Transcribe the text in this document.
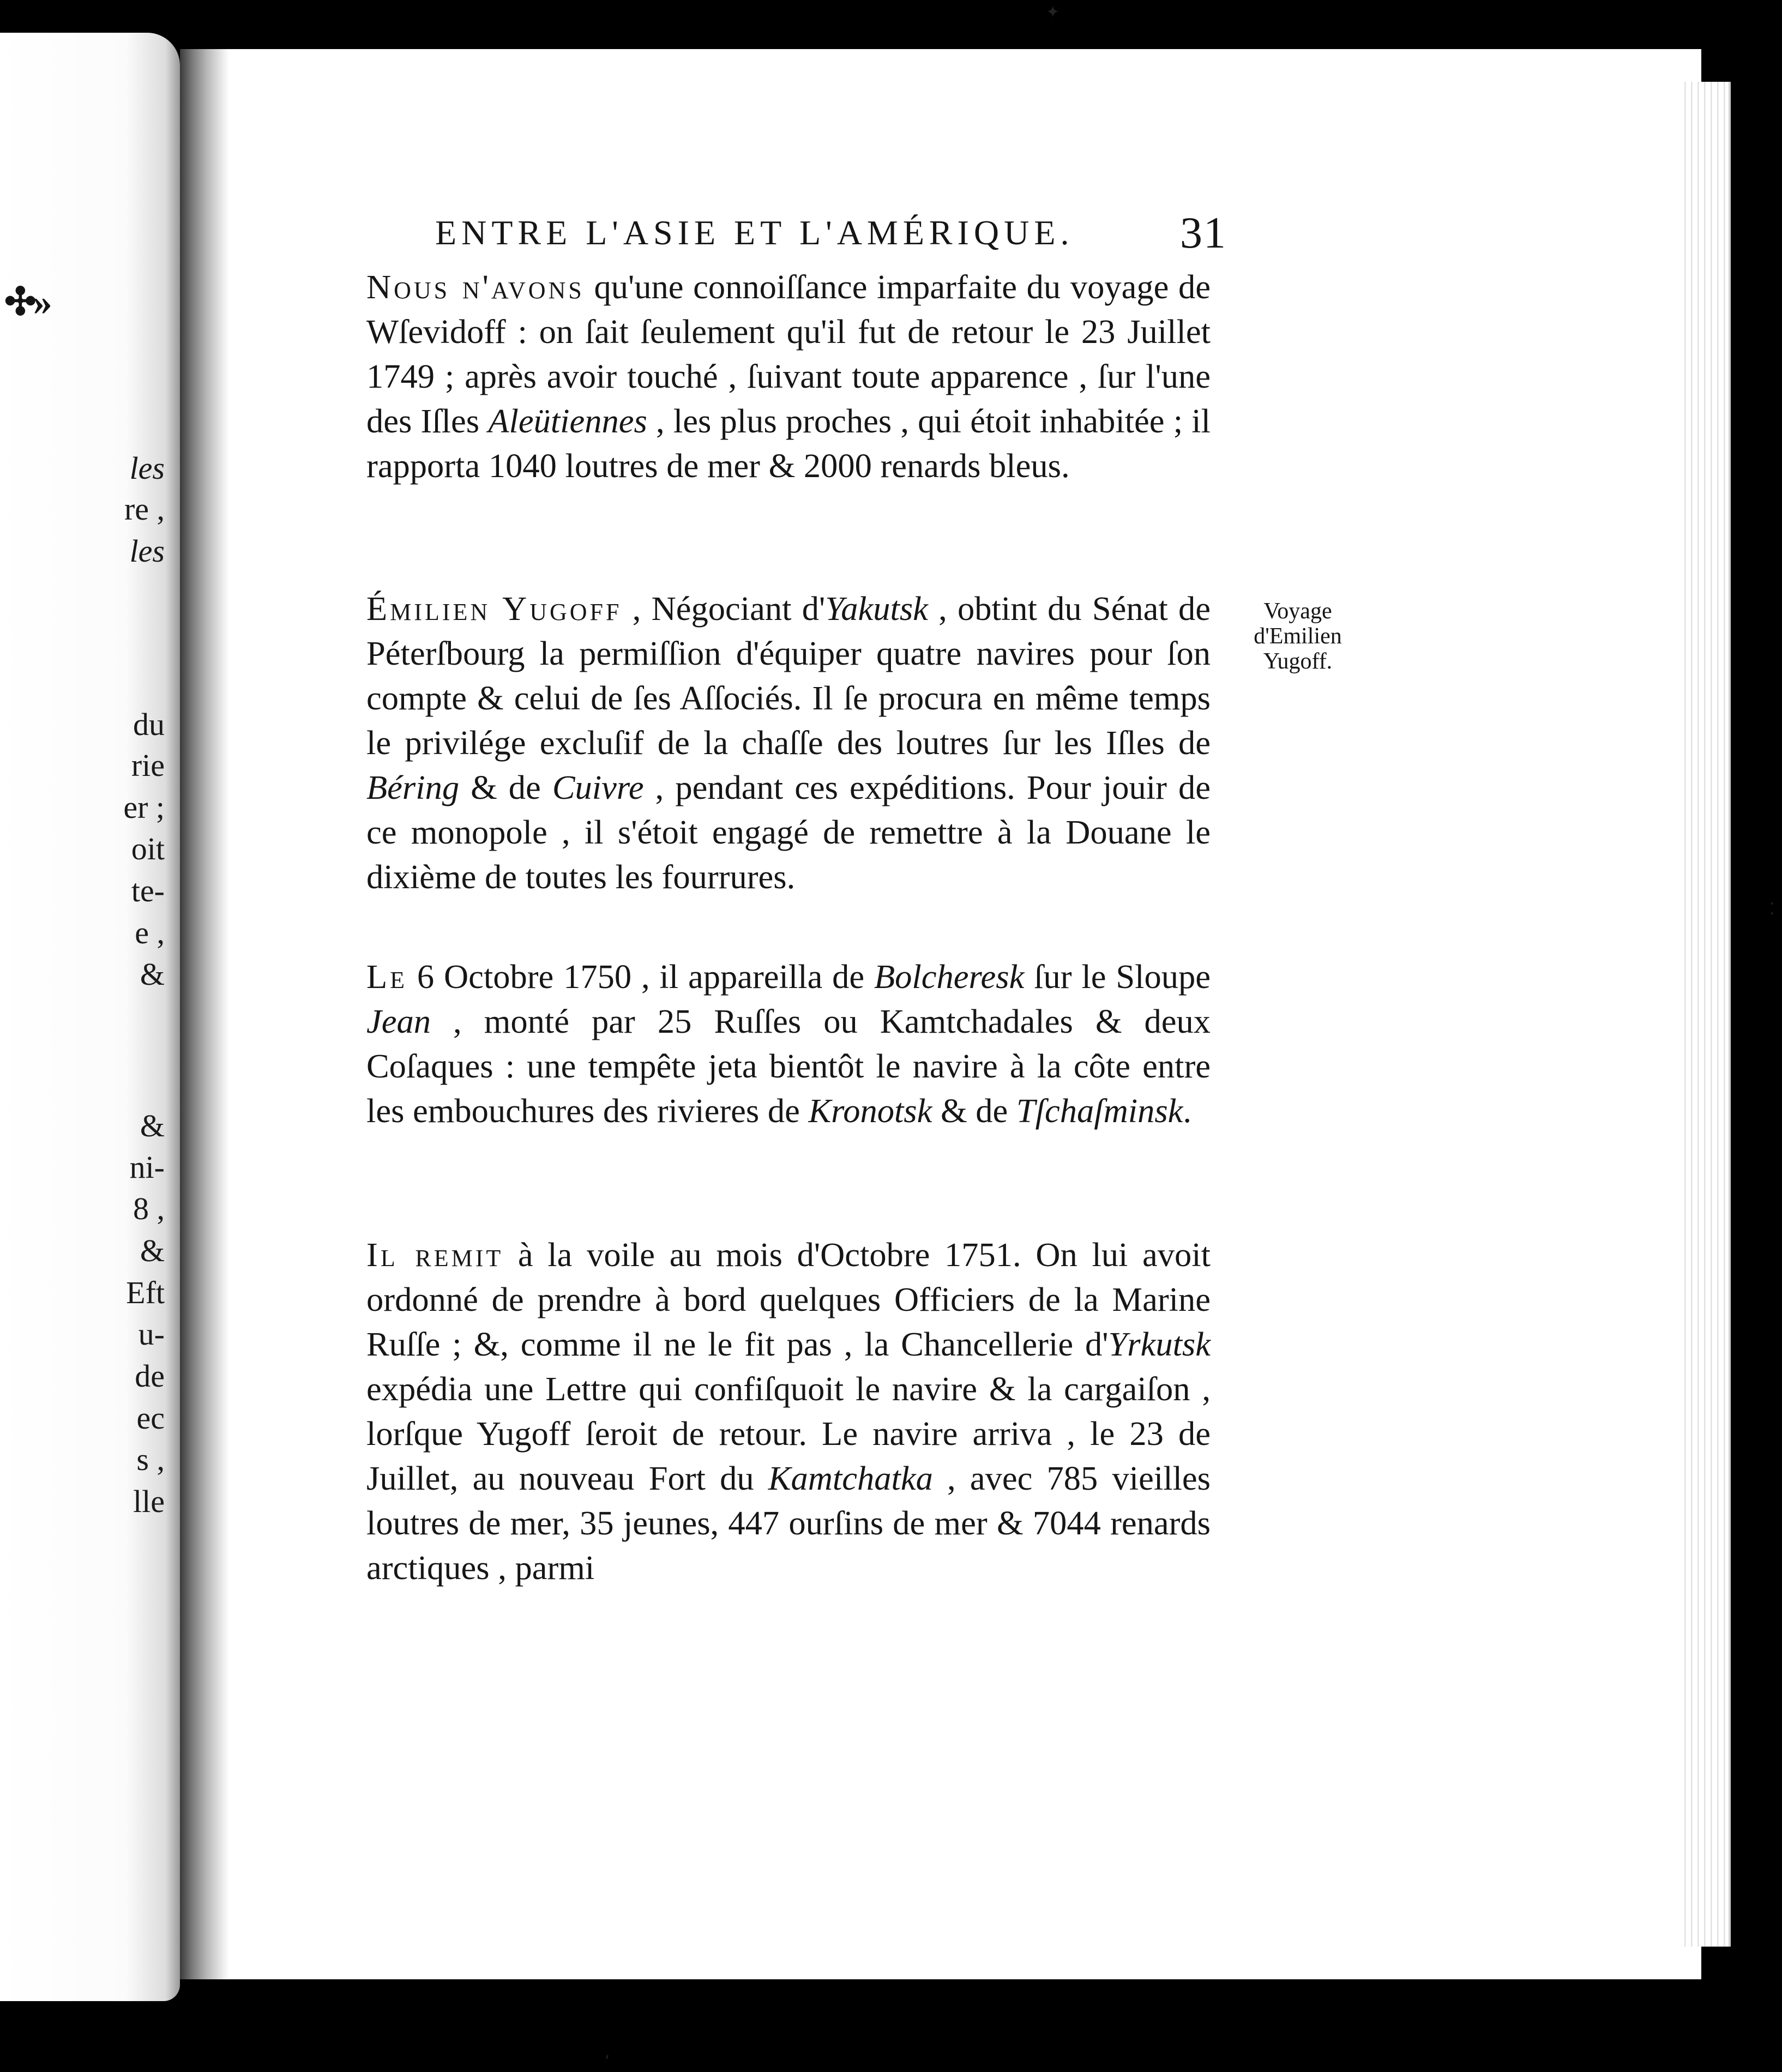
✣»
les
re ,
les
du
rie
er ;
oit
te-
e ,
&
&
ni-
8 ,
&
Eft
u-
de
ec
s ,
lle
ENTRE L'ASIE ET L'AMÉRIQUE. 31
Nous n'avons qu'une connoiſſance imparfaite du voyage de Wſevidoff : on ſait ſeulement qu'il fut de retour le 23 Juillet 1749 ; après avoir touché , ſuivant toute apparence , ſur l'une des Iſles Aleütiennes , les plus proches , qui étoit inhabitée ; il rapporta 1040 loutres de mer & 2000 renards bleus.
Émilien Yugoff , Négociant d'Yakutsk , obtint du Sénat de Péterſbourg la permiſſion d'équiper quatre navires pour ſon compte & celui de ſes Aſſociés. Il ſe procura en même temps le privilége excluſif de la chaſſe des loutres ſur les Iſles de Béring & de Cuivre , pendant ces expéditions. Pour jouir de ce monopole , il s'étoit engagé de remettre à la Douane le dixième de toutes les fourrures.
Le 6 Octobre 1750 , il appareilla de Bolcheresk ſur le Sloupe Jean , monté par 25 Ruſſes ou Kamtchadales & deux Coſaques : une tempête jeta bientôt le navire à la côte entre les embouchures des rivieres de Kronotsk & de Tſchaſminsk.
Il remit à la voile au mois d'Octobre 1751. On lui avoit ordonné de prendre à bord quelques Officiers de la Marine Ruſſe ; &, comme il ne le fit pas , la Chancellerie d'Yrkutsk expédia une Lettre qui confiſquoit le navire & la cargaiſon , lorſque Yugoff ſeroit de retour. Le navire arriva , le 23 de Juillet, au nouveau Fort du Kamtchatka , avec 785 vieilles loutres de mer, 35 jeunes, 447 ourſins de mer & 7044 renards arctiques , parmi
Voyage
d'Emilien
Yugoff.
✦
⸴
⁚
